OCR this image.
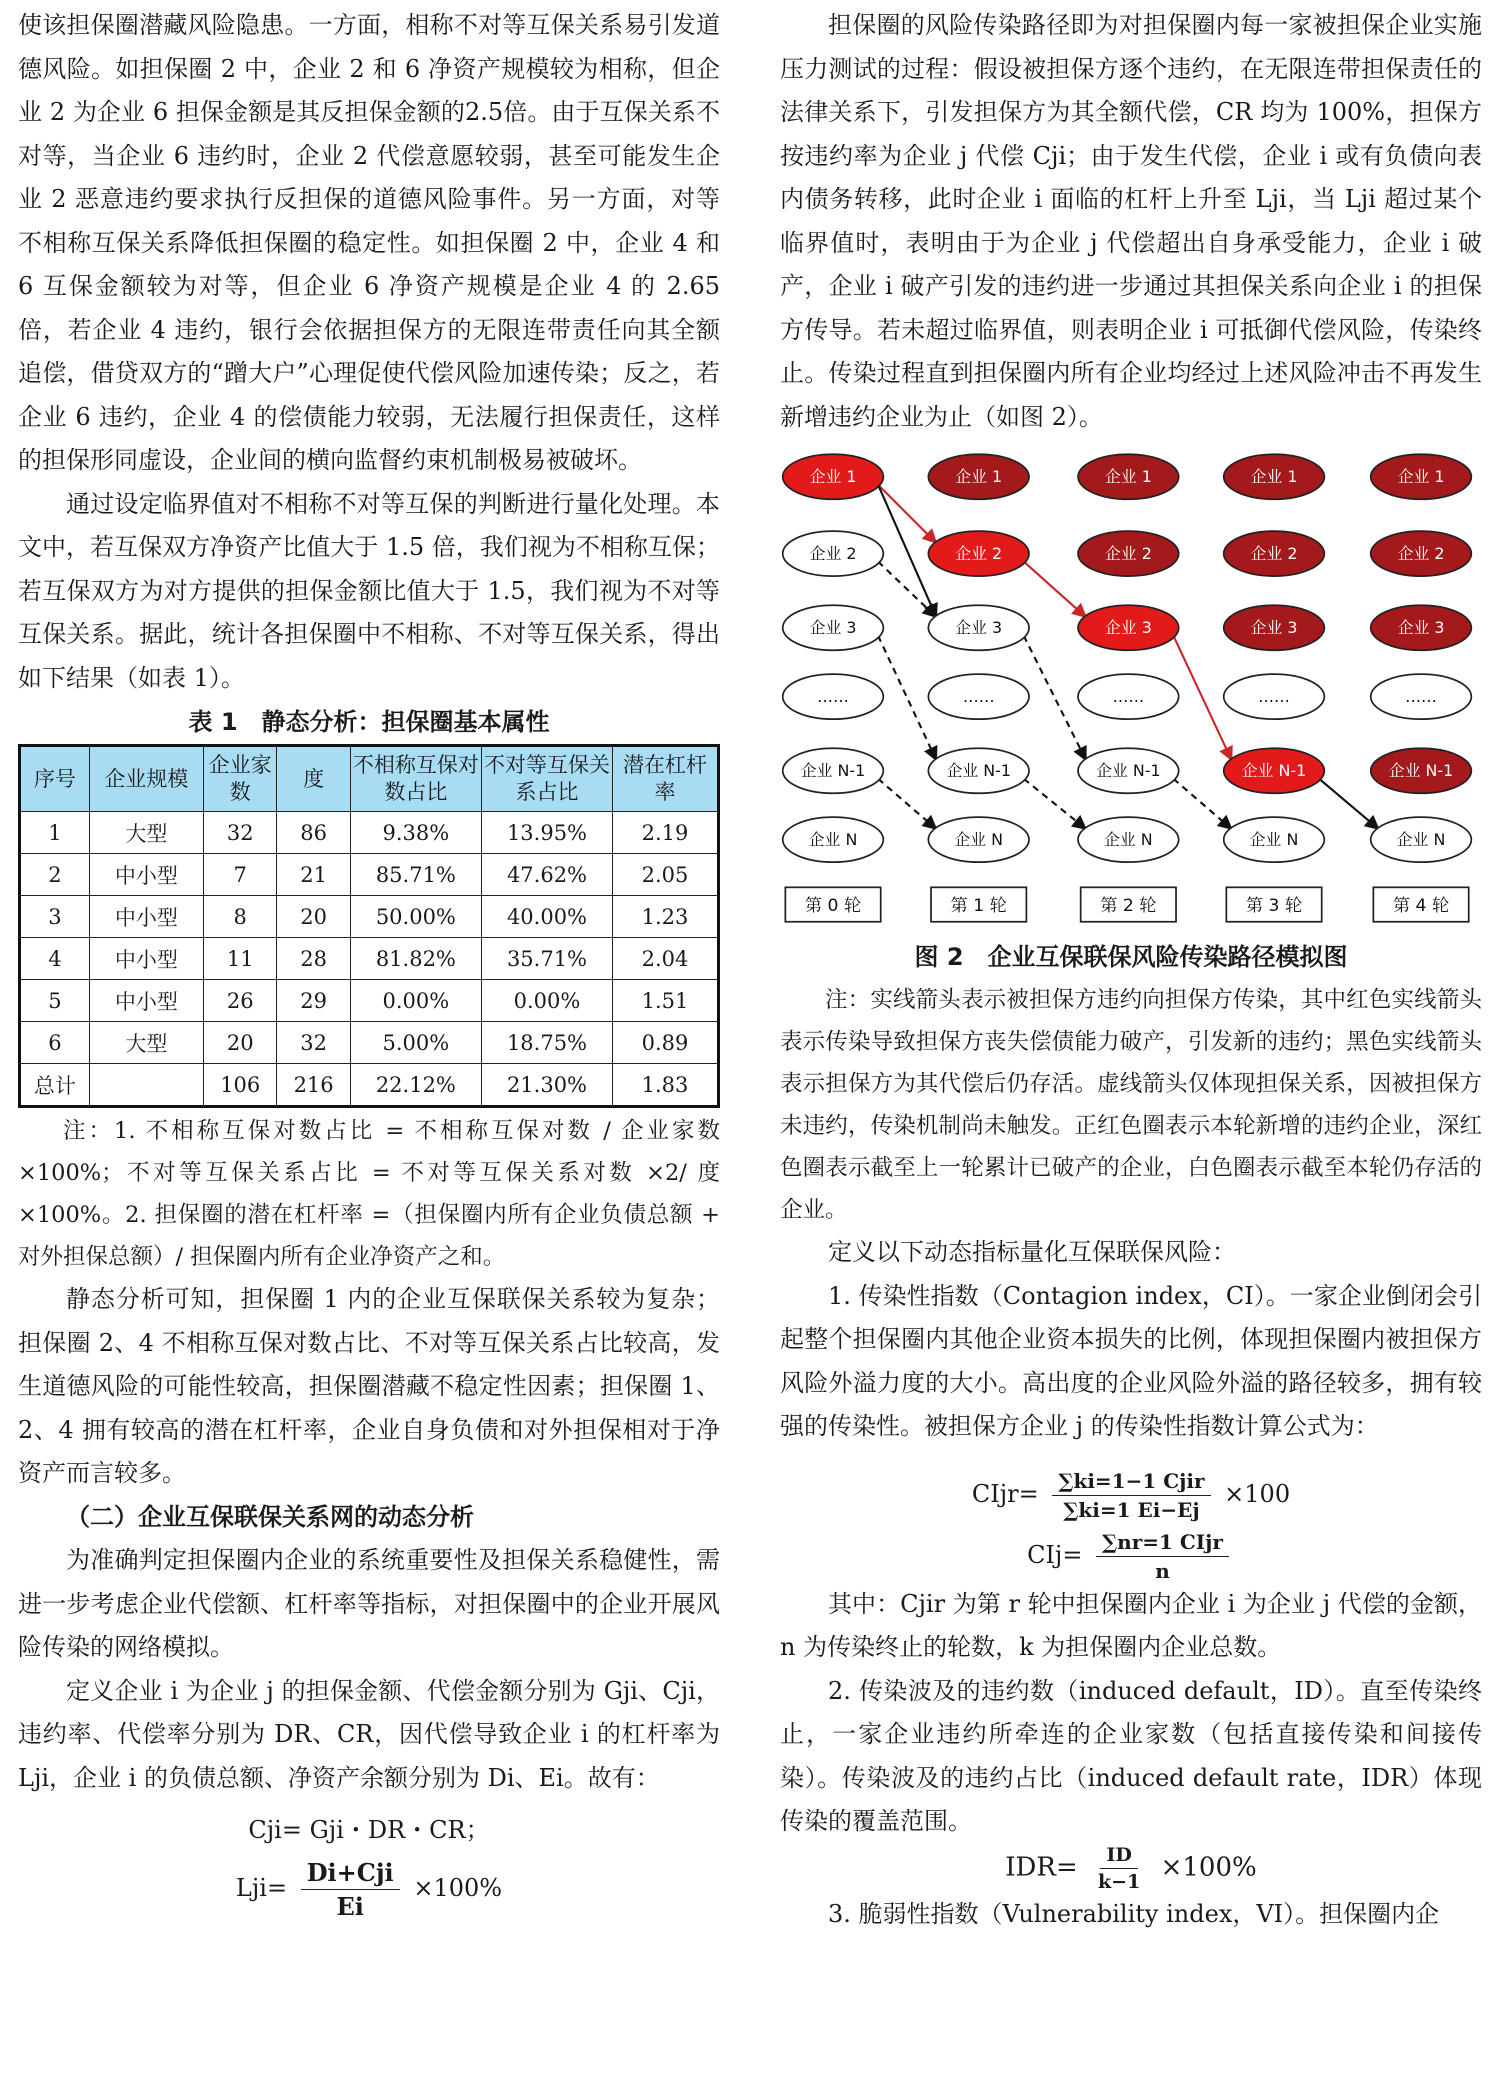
使该担保圈潜藏风险隐患。一方面，相称不对等互保关系易引发道德风险。如担保圈 2 中，企业 2 和 6 净资产规模较为相称，但企业 2 为企业 6 担保金额是其反担保金额的2.5倍。由于互保关系不对等，当企业 6 违约时，企业 2 代偿意愿较弱，甚至可能发生企业 2 恶意违约要求执行反担保的道德风险事件。另一方面，对等不相称互保关系降低担保圈的稳定性。如担保圈 2 中，企业 4 和 6 互保金额较为对等，但企业 6 净资产规模是企业 4 的 2.65 倍，若企业 4 违约，银行会依据担保方的无限连带责任向其全额追偿，借贷双方的“蹭大户”心理促使代偿风险加速传染；反之，若企业 6 违约，企业 4 的偿债能力较弱，无法履行担保责任，这样的担保形同虚设，企业间的横向监督约束机制极易被破坏。

通过设定临界值对不相称不对等互保的判断进行量化处理。本文中，若互保双方净资产比值大于 1.5 倍，我们视为不相称互保；若互保双方为对方提供的担保金额比值大于 1.5，我们视为不对等互保关系。据此，统计各担保圈中不相称、不对等互保关系，得出如下结果（如表 1）。

表 1　静态分析：担保圈基本属性
序号	企业规模	企业家数	度	不相称互保对数占比	不对等互保关系占比	潜在杠杆率
1	大型	32	86	9.38%	13.95%	2.19
2	中小型	7	21	85.71%	47.62%	2.05
3	中小型	8	20	50.00%	40.00%	1.23
4	中小型	11	28	81.82%	35.71%	2.04
5	中小型	26	29	0.00%	0.00%	1.51
6	大型	20	32	5.00%	18.75%	0.89
总计		106	216	22.12%	21.30%	1.83

注：1. 不相称互保对数占比 = 不相称互保对数 / 企业家数 ×100%；不对等互保关系占比 = 不对等互保关系对数 ×2/ 度 ×100%。2. 担保圈的潜在杠杆率 =（担保圈内所有企业负债总额 + 对外担保总额）/ 担保圈内所有企业净资产之和。

静态分析可知，担保圈 1 内的企业互保联保关系较为复杂；担保圈 2、4 不相称互保对数占比、不对等互保关系占比较高，发生道德风险的可能性较高，担保圈潜藏不稳定性因素；担保圈 1、2、4 拥有较高的潜在杠杆率，企业自身负债和对外担保相对于净资产而言较多。

（二）企业互保联保关系网的动态分析

为准确判定担保圈内企业的系统重要性及担保关系稳健性，需进一步考虑企业代偿额、杠杆率等指标，对担保圈中的企业开展风险传染的网络模拟。

定义企业 i 为企业 j 的担保金额、代偿金额分别为 Gji、Cji，违约率、代偿率分别为 DR、CR，因代偿导致企业 i 的杠杆率为 Lji，企业 i 的负债总额、净资产余额分别为 Di、Ei。故有：

Cji= Gji・DR・CR；
$Lji= \frac{\text{Di+Cji}}{Ei} \times 100\%$

担保圈的风险传染路径即为对担保圈内每一家被担保企业实施压力测试的过程：假设被担保方逐个违约，在无限连带担保责任的法律关系下，引发担保方为其全额代偿，CR 均为 100%，担保方按违约率为企业 j 代偿 Cji；由于发生代偿，企业 i 或有负债向表内债务转移，此时企业 i 面临的杠杆上升至 Lji，当 Lji 超过某个临界值时，表明由于为企业 j 代偿超出自身承受能力，企业 i 破产，企业 i 破产引发的违约进一步通过其担保关系向企业 i 的担保方传导。若未超过临界值，则表明企业 i 可抵御代偿风险，传染终止。传染过程直到担保圈内所有企业均经过上述风险冲击不再发生新增违约企业为止（如图 2）。

企业 1
企业 2
企业 3
……
企业 N-1
企业 N
第 0 轮
企业 1
企业 2
企业 3
……
企业 N-1
企业 N
第 1 轮
企业 1
企业 2
企业 3
……
企业 N-1
企业 N
第 2 轮
企业 1
企业 2
企业 3
……
企业 N-1
企业 N
第 3 轮
企业 1
企业 2
企业 3
……
企业 N-1
企业 N
第 4 轮
图 2　企业互保联保风险传染路径模拟图

注：实线箭头表示被担保方违约向担保方传染，其中红色实线箭头表示传染导致担保方丧失偿债能力破产，引发新的违约；黑色实线箭头表示担保方为其代偿后仍存活。虚线箭头仅体现担保关系，因被担保方未违约，传染机制尚未触发。正红色圈表示本轮新增的违约企业，深红色圈表示截至上一轮累计已破产的企业，白色圈表示截至本轮仍存活的企业。

定义以下动态指标量化互保联保风险：

1. 传染性指数（Contagion index，CI）。一家企业倒闭会引起整个担保圈内其他企业资本损失的比例，体现担保圈内被担保方风险外溢力度的大小。高出度的企业风险外溢的路径较多，拥有较强的传染性。被担保方企业 j 的传染性指数计算公式为：

CIjr= $\frac{\text{∑ki=1−1 Cjir}}{\sum ki=1 Ei-Ej} \times 100$
$CIj= \frac{\text{∑nr=1 CIjr}}{n}$

其中：Cjir 为第 r 轮中担保圈内企业 i 为企业 j 代偿的金额，n 为传染终止的轮数，k 为担保圈内企业总数。

2. 传染波及的违约数（induced default，ID）。直至传染终止，一家企业违约所牵连的企业家数（包括直接传染和间接传染）。传染波及的违约占比（induced default rate，IDR）体现传染的覆盖范围。

$IDR= \frac{ID}{k-1} \times 100\%$

3. 脆弱性指数（Vulnerability index，VI）。担保圈内企
